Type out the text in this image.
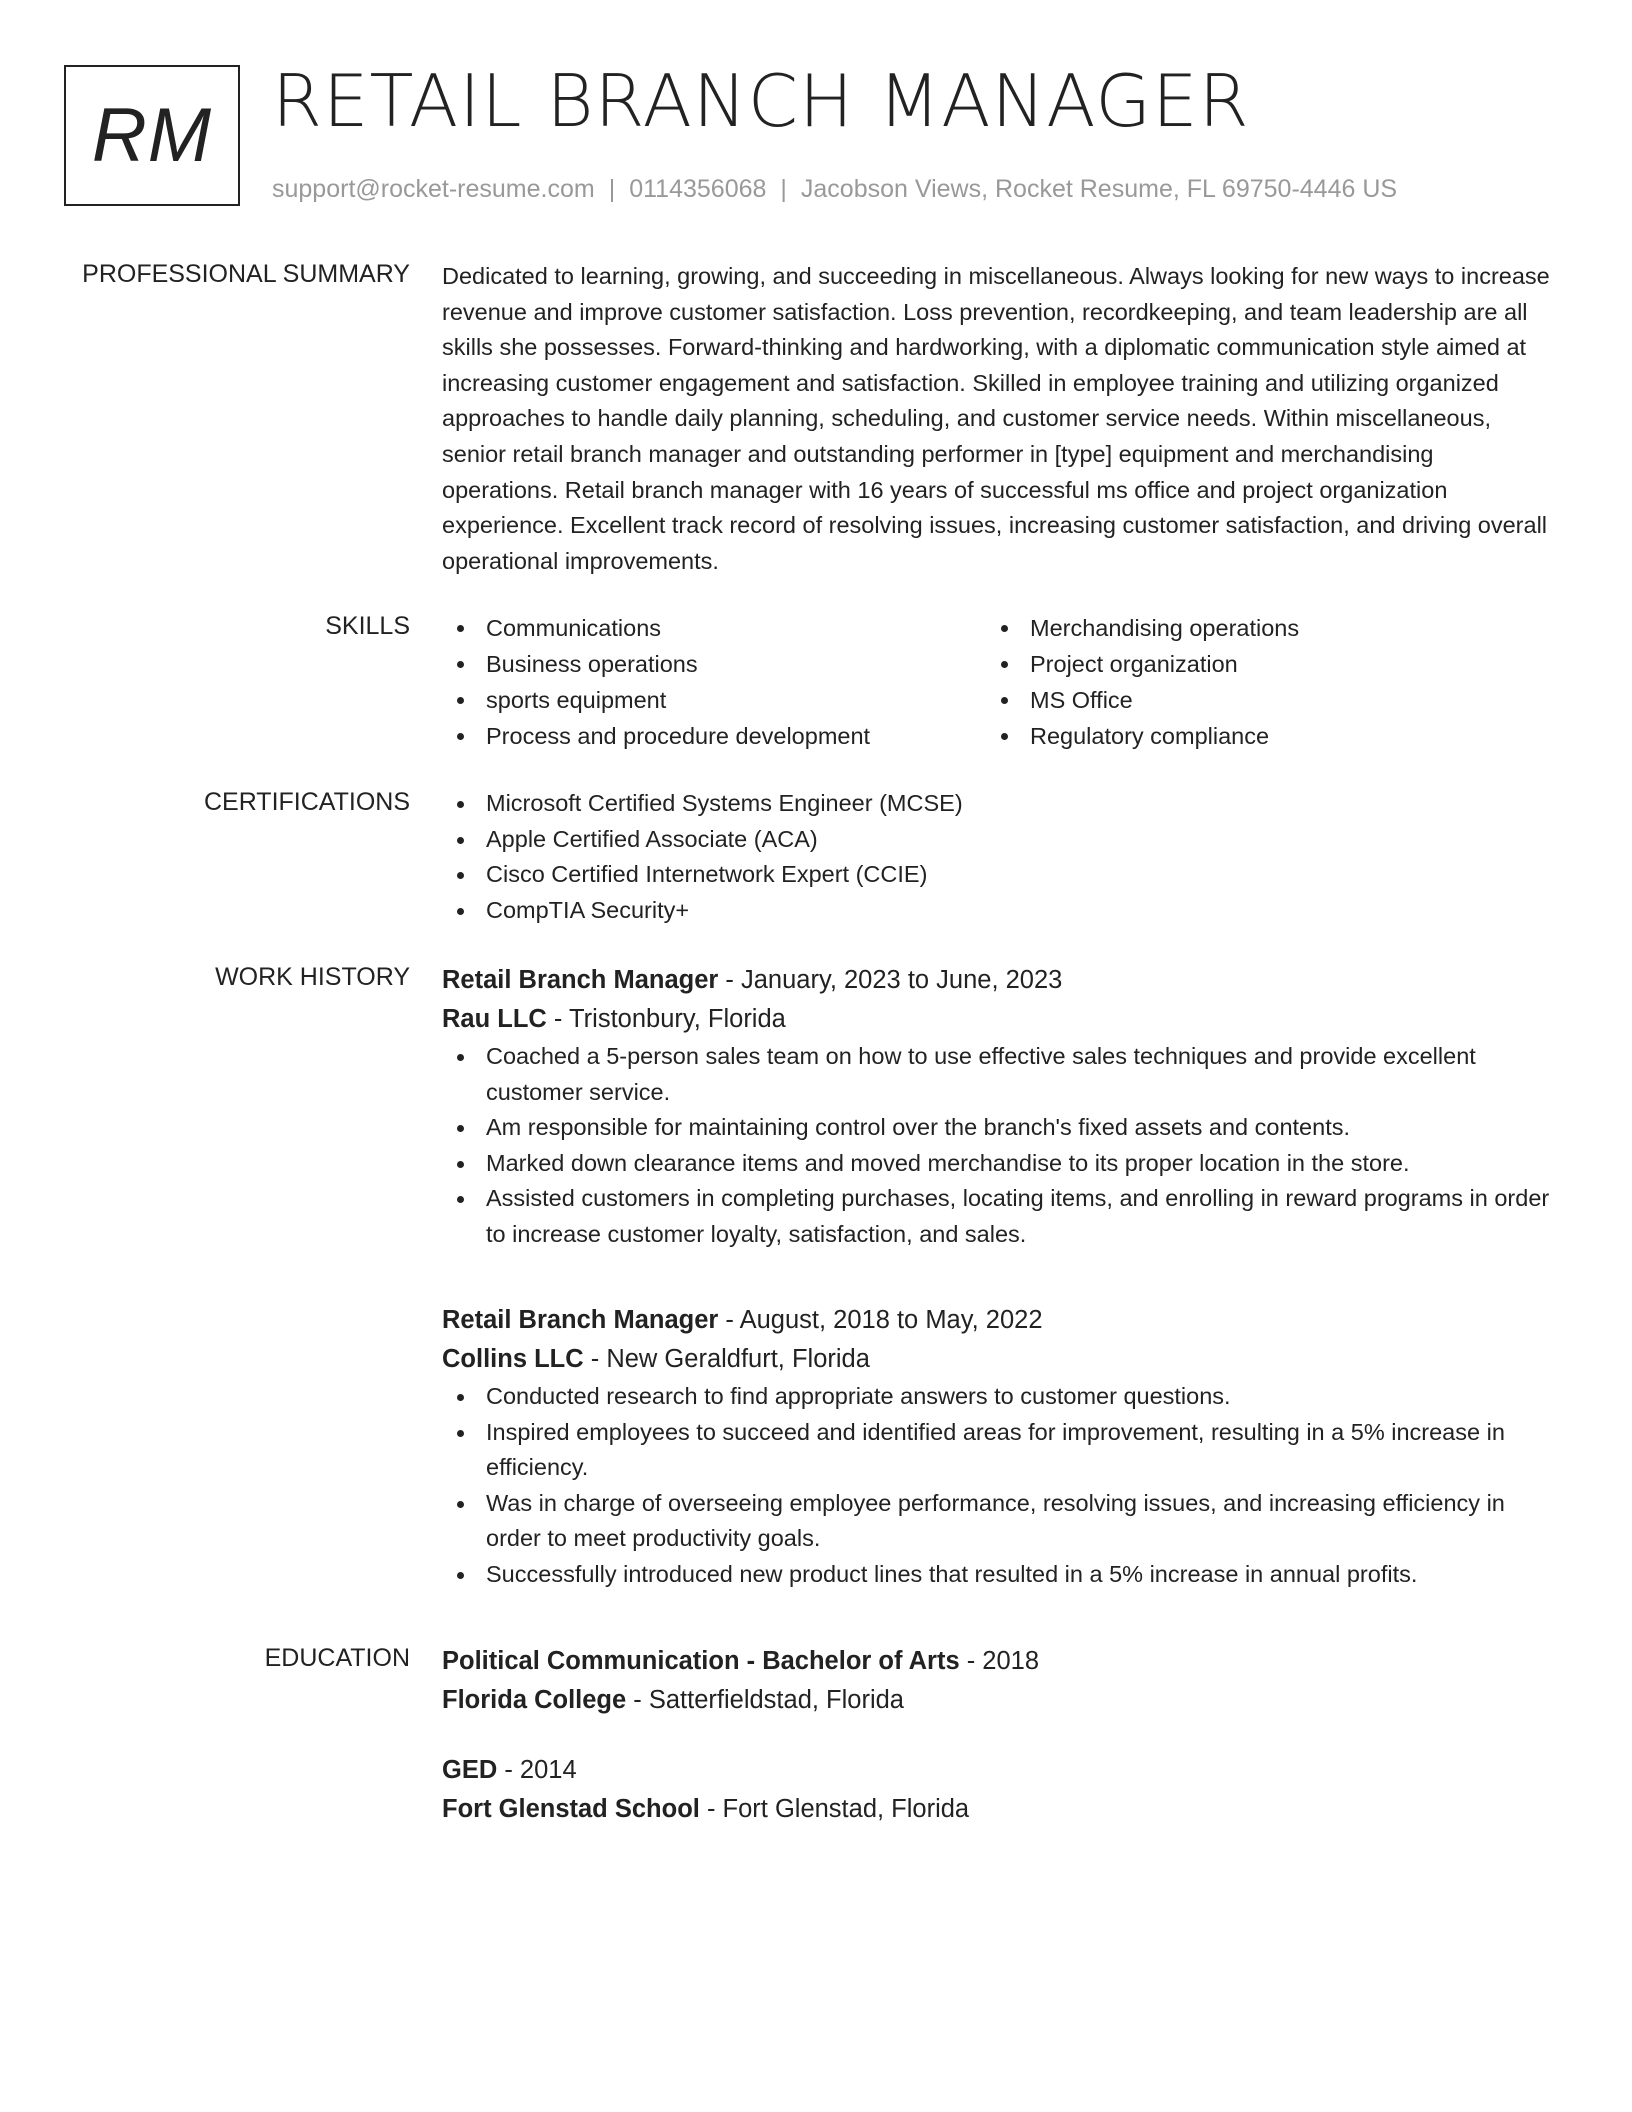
RM RETAIL BRANCH MANAGER
support@rocket-resume.com | 0114356068 | Jacobson Views, Rocket Resume, FL 69750-4446 US
PROFESSIONAL SUMMARY Dedicated to learning, growing, and succeeding in miscellaneous. Always looking for new ways to increase revenue and improve customer satisfaction. Loss prevention, recordkeeping, and team leadership are all skills she possesses. Forward-thinking and hardworking, with a diplomatic communication style aimed at increasing customer engagement and satisfaction. Skilled in employee training and utilizing organized approaches to handle daily planning, scheduling, and customer service needs. Within miscellaneous, senior retail branch manager and outstanding performer in [type] equipment and merchandising operations. Retail branch manager with 16 years of successful ms office and project organization experience. Excellent track record of resolving issues, increasing customer satisfaction, and driving overall operational improvements.

SKILLS	Communications
Business operations
sports equipment
Process and procedure development
Merchandising operations
Project organization
MS Office
Regulatory compliance
CERTIFICATIONS	Microsoft Certified Systems Engineer (MCSE)
Apple Certified Associate (ACA)
Cisco Certified Internetwork Expert (CCIE)
CompTIA Security+
WORK HISTORY Retail Branch Manager - January, 2023 to June, 2023
Rau LLC - Tristonbury, Florida
Coached a 5-person sales team on how to use effective sales techniques and provide excellent customer service.
Am responsible for maintaining control over the branch's fixed assets and contents.
Marked down clearance items and moved merchandise to its proper location in the store.
Assisted customers in completing purchases, locating items, and enrolling in reward programs in order to increase customer loyalty, satisfaction, and sales.
Retail Branch Manager - August, 2018 to May, 2022
Collins LLC - New Geraldfurt, Florida
Conducted research to find appropriate answers to customer questions.
Inspired employees to succeed and identified areas for improvement, resulting in a 5% increase in efficiency.
Was in charge of overseeing employee performance, resolving issues, and increasing efficiency in order to meet productivity goals.
Successfully introduced new product lines that resulted in a 5% increase in annual profits.
EDUCATION Political Communication - Bachelor of Arts - 2018
Florida College - Satterfieldstad, Florida
GED - 2014
Fort Glenstad School - Fort Glenstad, Florida
